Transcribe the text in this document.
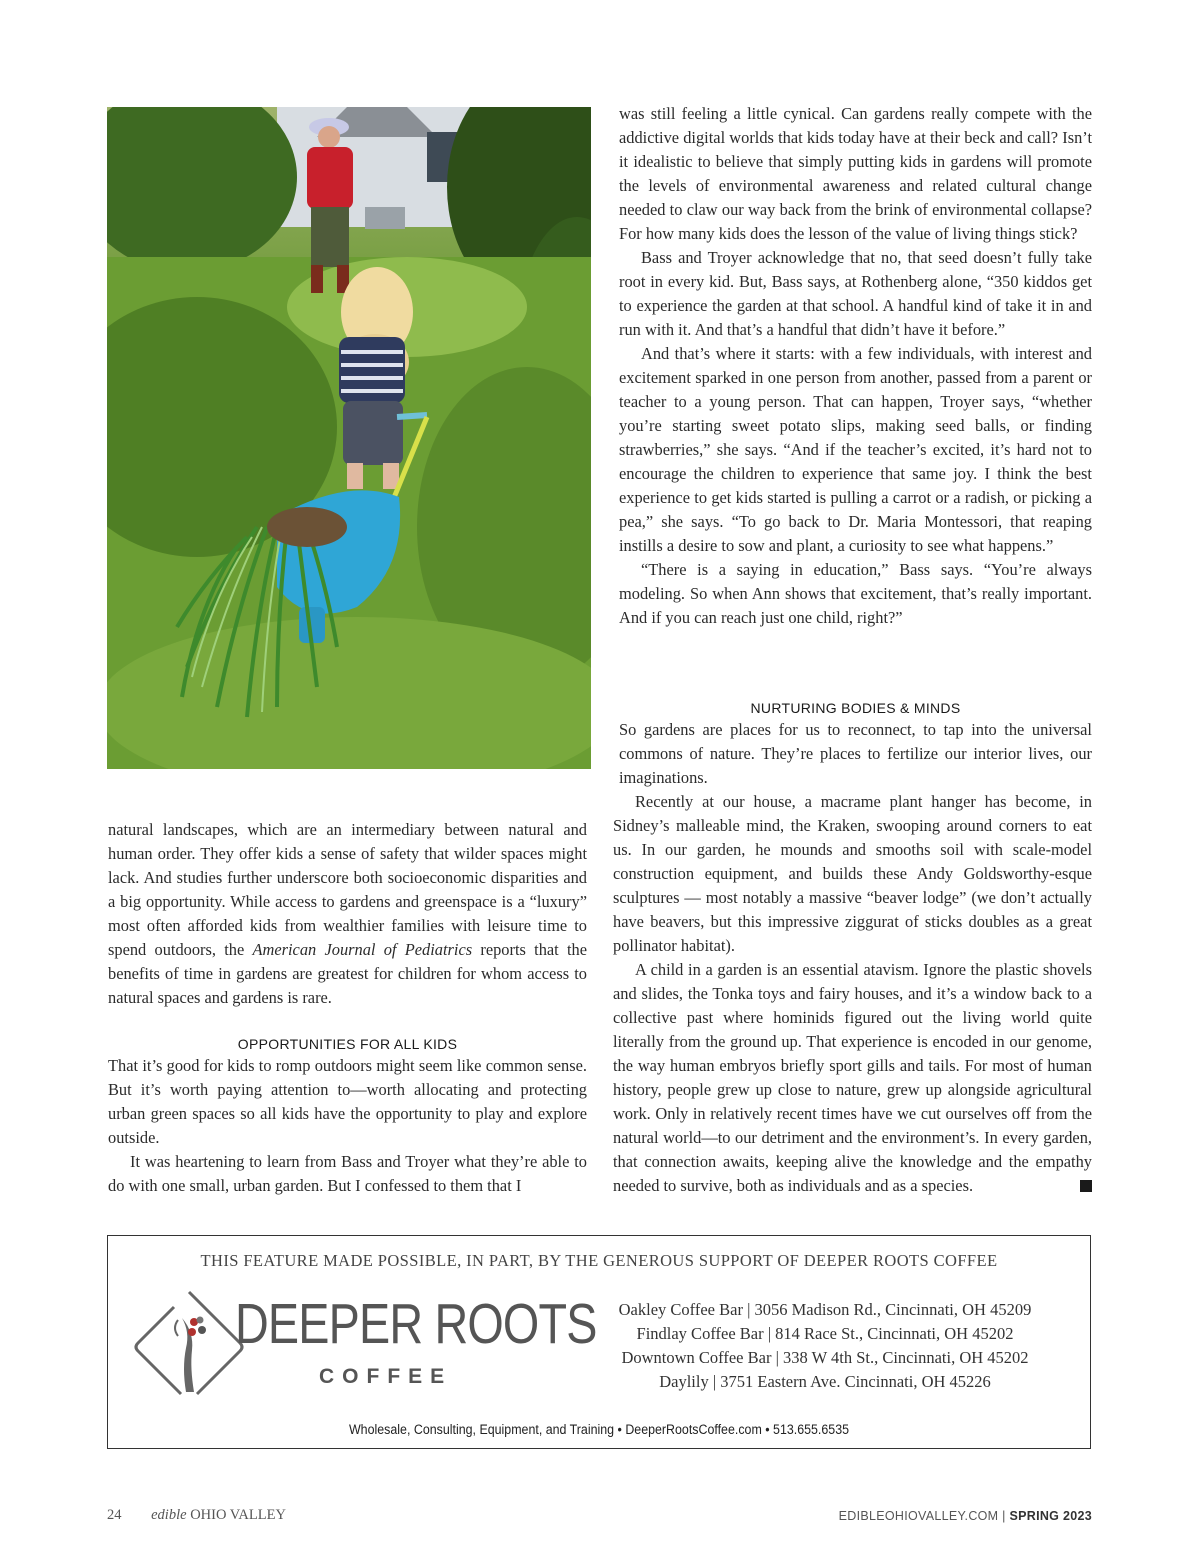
was still feeling a little cynical. Can gardens really compete with the addictive digital worlds that kids today have at their beck and call? Isn’t it idealistic to believe that simply putting kids in gardens will promote the levels of environmental awareness and related cultural change needed to claw our way back from the brink of environmental collapse? For how many kids does the lesson of the value of living things stick?

Bass and Troyer acknowledge that no, that seed doesn’t fully take root in every kid. But, Bass says, at Rothenberg alone, “350 kiddos get to experience the garden at that school. A handful kind of take it in and run with it. And that’s a handful that didn’t have it before.”

And that’s where it starts: with a few individuals, with interest and excitement sparked in one person from another, passed from a parent or teacher to a young person. That can happen, Troyer says, “whether you’re starting sweet potato slips, making seed balls, or finding strawberries,” she says. “And if the teacher’s excited, it’s hard not to encourage the children to experience that same joy. I think the best experience to get kids started is pulling a carrot or a radish, or picking a pea,” she says. “To go back to Dr. Maria Montessori, that reaping instills a desire to sow and plant, a curiosity to see what happens.”

“There is a saying in education,” Bass says. “You’re always modeling. So when Ann shows that excitement, that’s really important. And if you can reach just one child, right?”

NURTURING BODIES & MINDS

So gardens are places for us to reconnect, to tap into the universal commons of nature. They’re places to fertilize our interior lives, our imaginations.

Recently at our house, a macrame plant hanger has become, in Sidney’s malleable mind, the Kraken, swooping around corners to eat us. In our garden, he mounds and smooths soil with scale-model construction equipment, and builds these Andy Goldsworthy-esque sculptures — most notably a massive “beaver lodge” (we don’t actually have beavers, but this impressive ziggurat of sticks doubles as a great pollinator habitat).

A child in a garden is an essential atavism. Ignore the plastic shovels and slides, the Tonka toys and fairy houses, and it’s a window back to a collective past where hominids figured out the living world quite literally from the ground up. That experience is encoded in our genome, the way human embryos briefly sport gills and tails. For most of human history, people grew up close to nature, grew up alongside agricultural work. Only in relatively recent times have we cut ourselves off from the natural world—to our detriment and the environment’s. In every garden, that connection awaits, keeping alive the knowledge and the empathy needed to survive, both as individuals and as a species.

natural landscapes, which are an intermediary between natural and human order. They offer kids a sense of safety that wilder spaces might lack. And studies further underscore both socioeconomic disparities and a big opportunity. While access to gardens and greenspace is a “luxury” most often afforded kids from wealthier families with leisure time to spend outdoors, the American Journal of Pediatrics reports that the benefits of time in gardens are greatest for children for whom access to natural spaces and gardens is rare.

OPPORTUNITIES FOR ALL KIDS

That it’s good for kids to romp outdoors might seem like common sense. But it’s worth paying attention to—worth allocating and protecting urban green spaces so all kids have the opportunity to play and explore outside.

It was heartening to learn from Bass and Troyer what they’re able to do with one small, urban garden. But I confessed to them that I

THIS FEATURE MADE POSSIBLE, IN PART, BY THE GENEROUS SUPPORT OF DEEPER ROOTS COFFEE
DEEPER ROOTS
COFFEE
Oakley Coffee Bar | 3056 Madison Rd., Cincinnati, OH 45209
Findlay Coffee Bar | 814 Race St., Cincinnati, OH 45202
Downtown Coffee Bar | 338 W 4th St., Cincinnati, OH 45202
Daylily | 3751 Eastern Ave. Cincinnati, OH 45226
Wholesale, Consulting, Equipment, and Training • DeeperRootsCoffee.com • 513.655.6535
24 edible OHIO VALLEY	EDIBLEOHIOVALLEY.COM | SPRING 2023
